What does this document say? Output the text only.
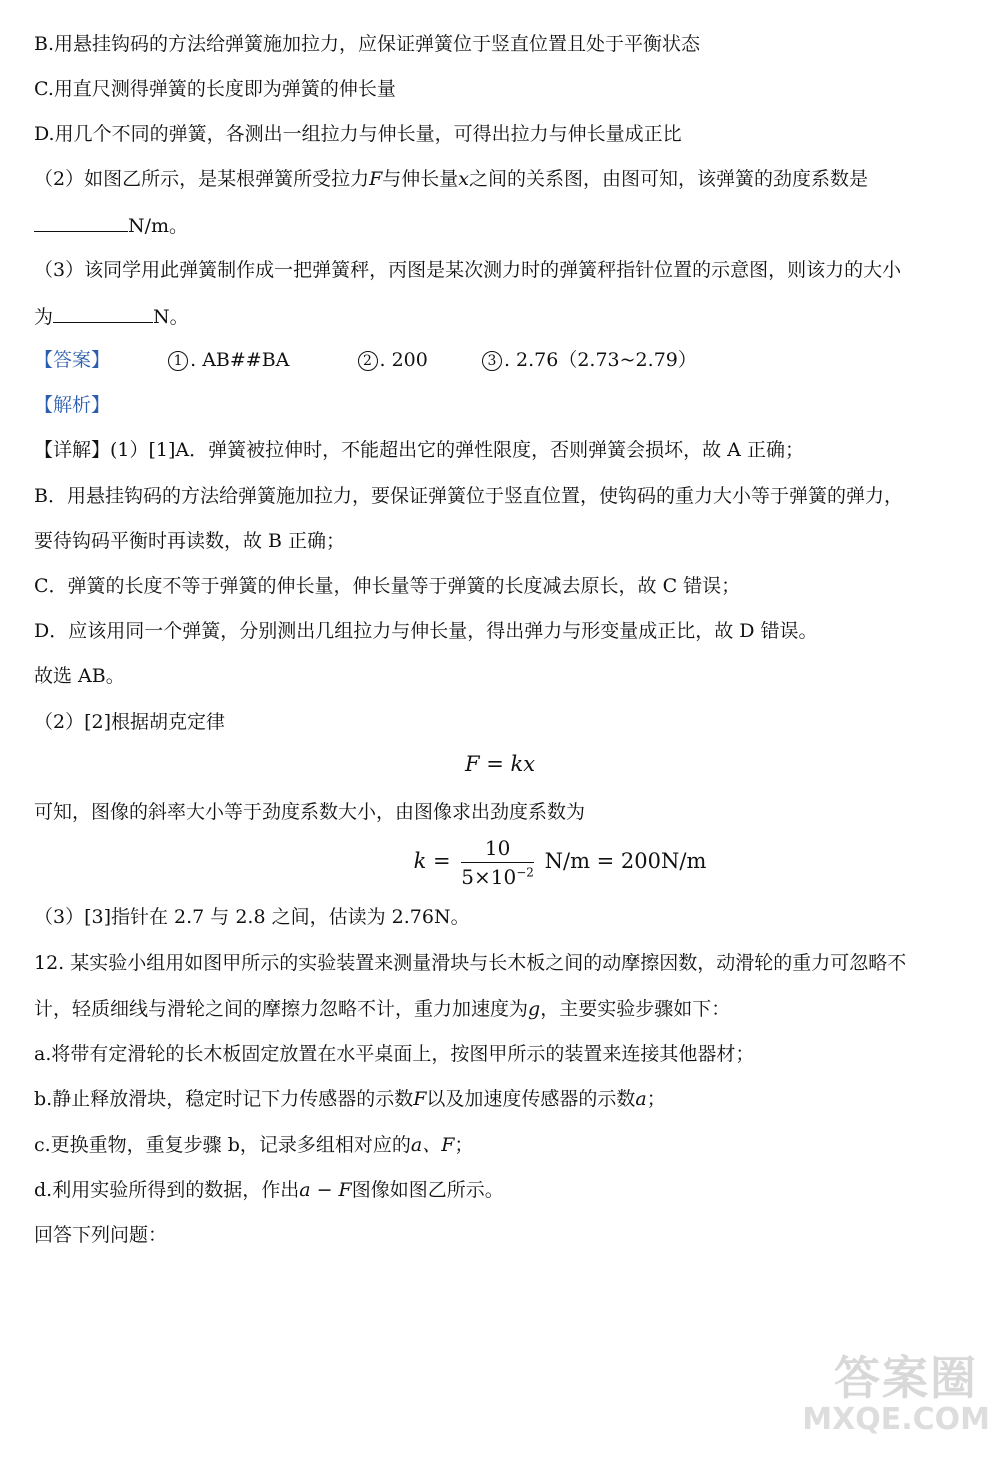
B.用悬挂钩码的方法给弹簧施加拉力，应保证弹簧位于竖直位置且处于平衡状态
C.用直尺测得弹簧的长度即为弹簧的伸长量
D.用几个不同的弹簧，各测出一组拉力与伸长量，可得出拉力与伸长量成正比
（2）如图乙所示，是某根弹簧所受拉力F与伸长量x之间的关系图，由图可知，该弹簧的劲度系数是
N/m。
（3）该同学用此弹簧制作成一把弹簧秤，丙图是某次测力时的弹簧秤指针位置的示意图，则该力的大小
为	N。
【答案】	1 . AB##BA	2 . 200	3 . 2.76（2.73~2.79）
【解析】
【详解】(1）[1]A．弹簧被拉伸时，不能超出它的弹性限度，否则弹簧会损坏，故 A 正确；
B．用悬挂钩码的方法给弹簧施加拉力，要保证弹簧位于竖直位置，使钩码的重力大小等于弹簧的弹力，
要待钩码平衡时再读数，故 B 正确；
C．弹簧的长度不等于弹簧的伸长量，伸长量等于弹簧的长度减去原长，故 C 错误；
D．应该用同一个弹簧，分别测出几组拉力与伸长量，得出弹力与形变量成正比，故 D 错误。
故选 AB。
（2）[2]根据胡克定律
F = kx
可知，图像的斜率大小等于劲度系数大小，由图像求出劲度系数为
$k = \frac{10}{5\times 10^{-2}} N/m = 200N/m$
（3）[3]指针在 2.7 与 2.8 之间，估读为 2.76N。
12. 某实验小组用如图甲所示的实验装置来测量滑块与长木板之间的动摩擦因数，动滑轮的重力可忽略不
计，轻质细线与滑轮之间的摩擦力忽略不计，重力加速度为g，主要实验步骤如下：
a.将带有定滑轮的长木板固定放置在水平桌面上，按图甲所示的装置来连接其他器材；
b.静止释放滑块，稳定时记下力传感器的示数F以及加速度传感器的示数a；
c.更换重物，重复步骤 b，记录多组相对应的a、F；
d.利用实验所得到的数据，作出a − F图像如图乙所示。
回答下列问题：
答案圈
MXQE.COM
